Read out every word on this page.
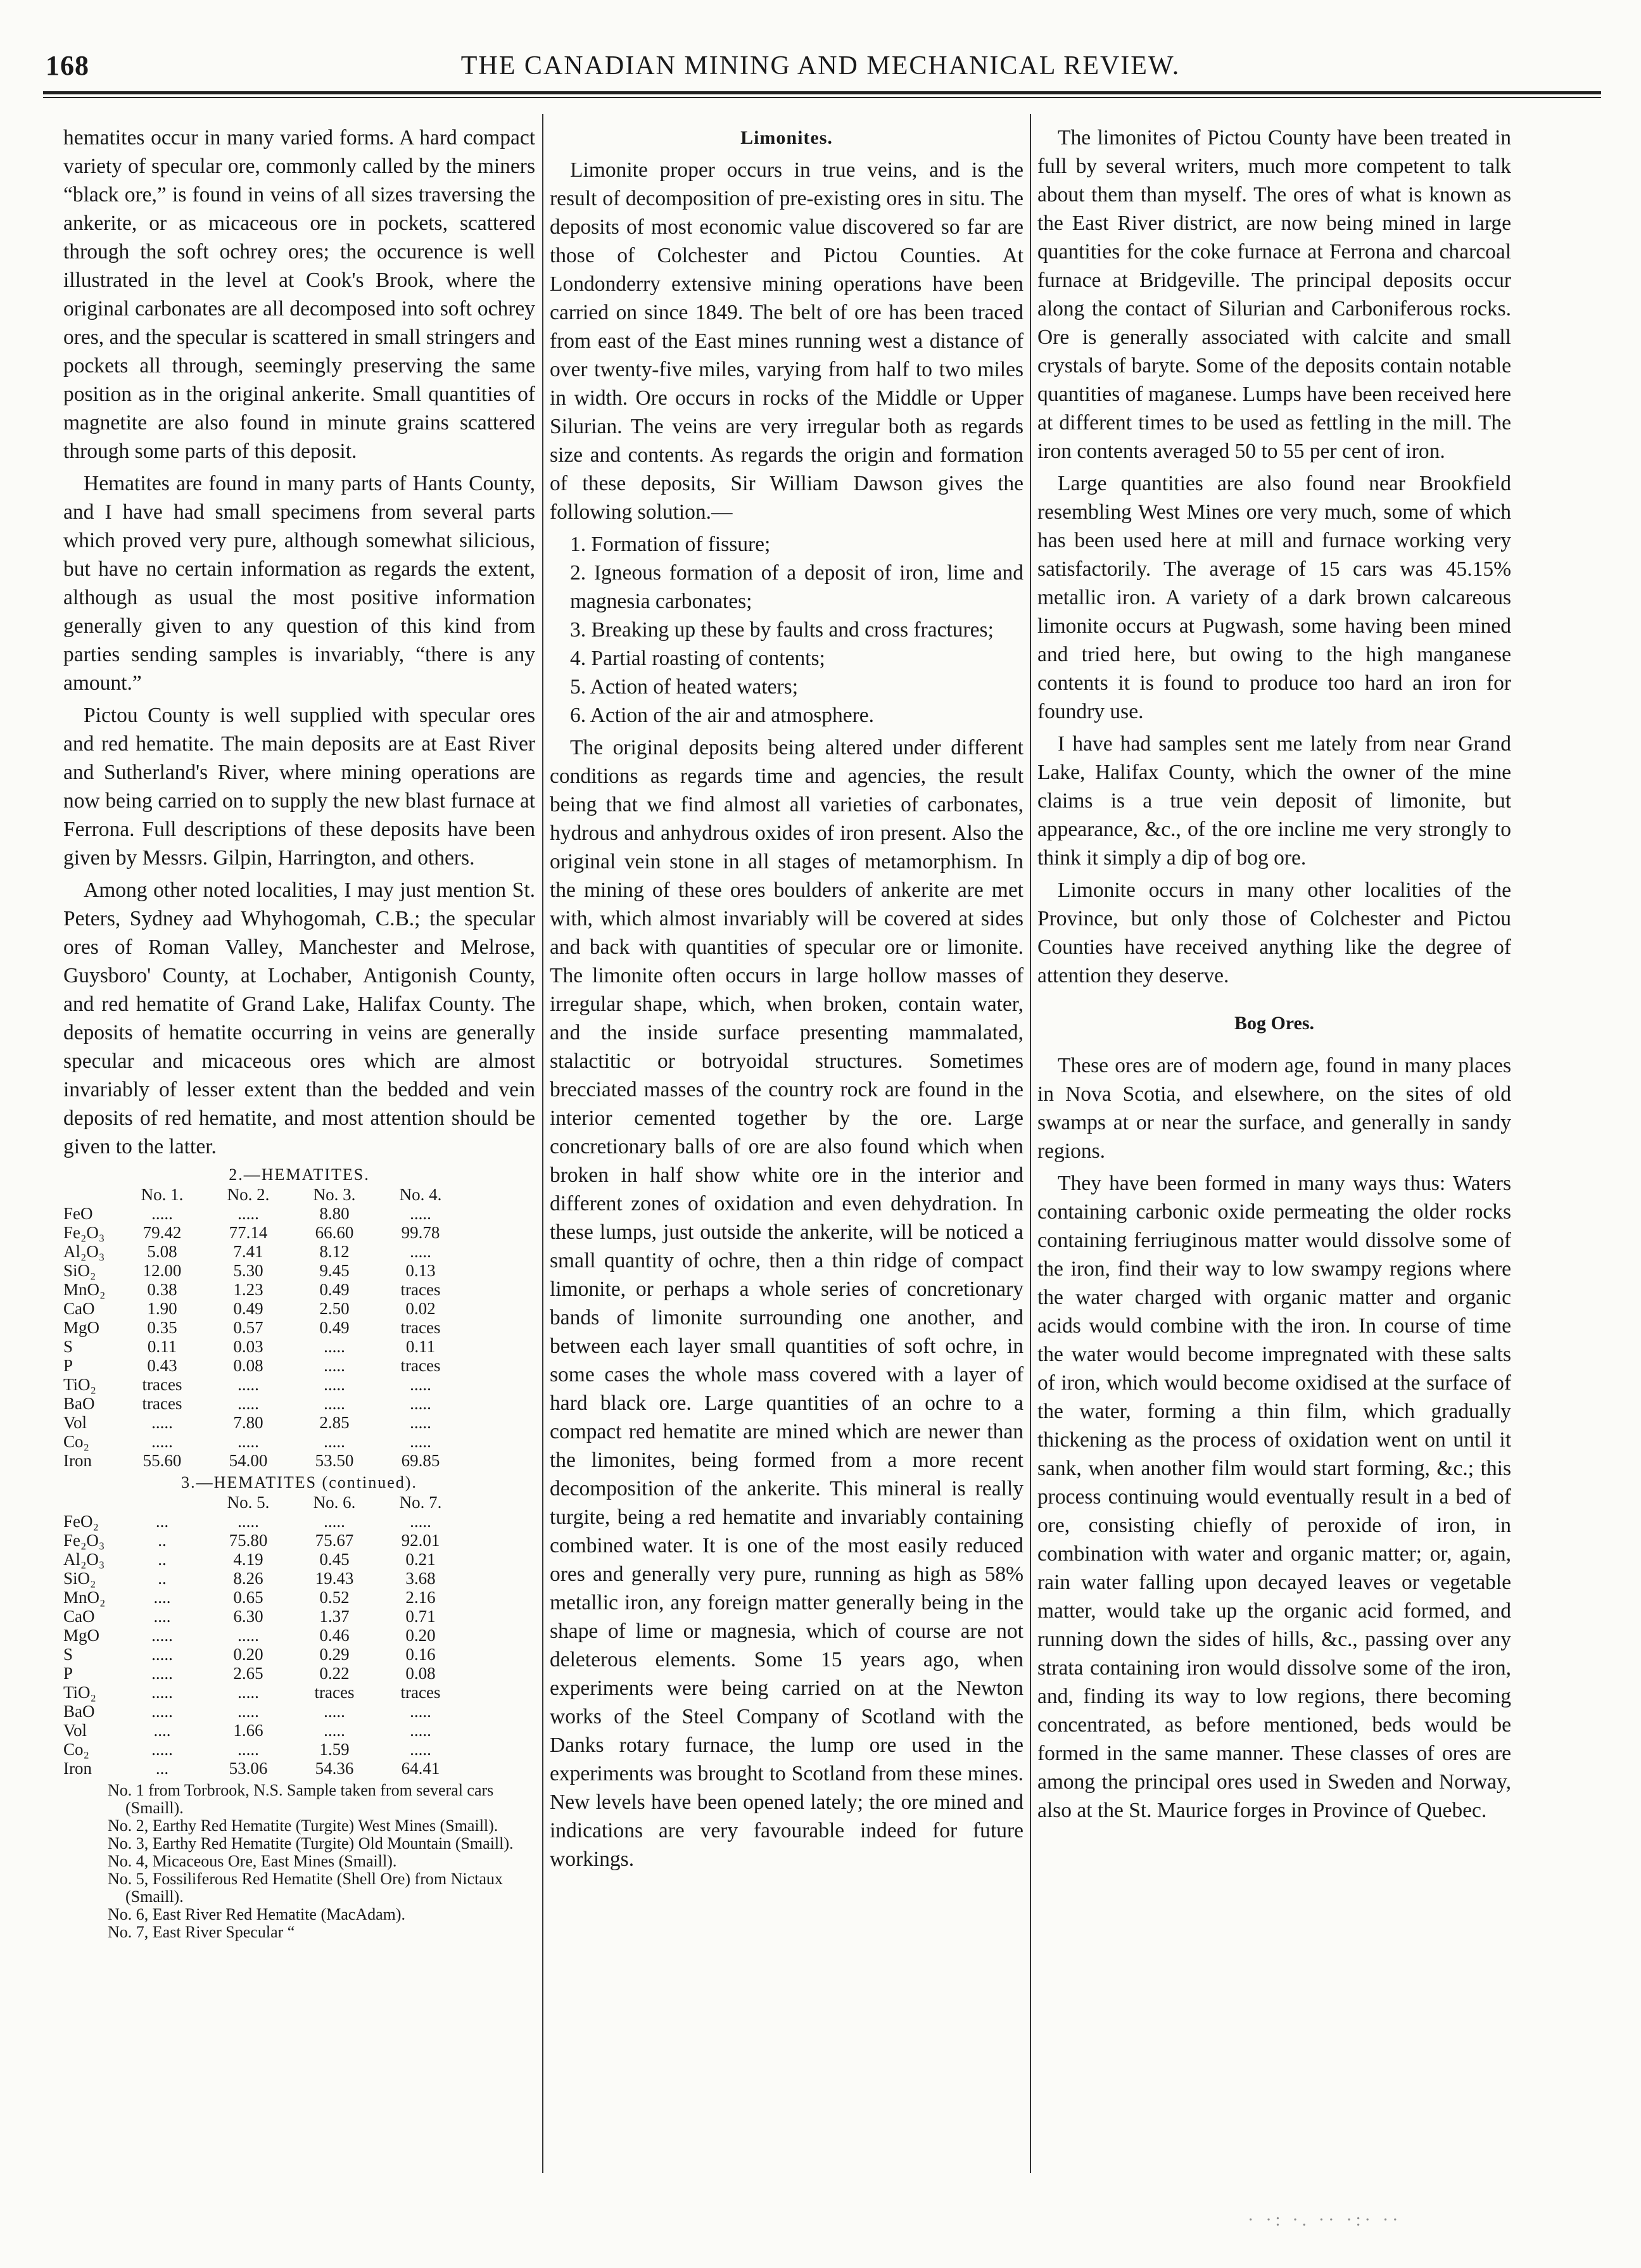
168	THE CANADIAN MINING AND MECHANICAL REVIEW.

hematites occur in many varied forms. A hard compact variety of specular ore, commonly called by the miners “black ore,” is found in veins of all sizes traversing the ankerite, or as micaceous ore in pockets, scattered through the soft ochrey ores; the occurence is well illustrated in the level at Cook's Brook, where the original carbonates are all decomposed into soft ochrey ores, and the specular is scattered in small stringers and pockets all through, seemingly preserving the same position as in the original ankerite. Small quantities of magnetite are also found in minute grains scattered through some parts of this deposit.

Hematites are found in many parts of Hants County, and I have had small specimens from several parts which proved very pure, although somewhat silicious, but have no certain information as regards the extent, although as usual the most positive information generally given to any question of this kind from parties sending samples is invariably, “there is any amount.”

Pictou County is well supplied with specular ores and red hematite. The main deposits are at East River and Sutherland's River, where mining operations are now being carried on to supply the new blast furnace at Ferrona. Full descriptions of these deposits have been given by Messrs. Gilpin, Harrington, and others.

Among other noted localities, I may just mention St. Peters, Sydney aad Whyhogomah, C.B.; the specular ores of Roman Valley, Manchester and Melrose, Guysboro' County, at Lochaber, Antigonish County, and red hematite of Grand Lake, Halifax County. The deposits of hematite occurring in veins are generally specular and micaceous ores which are almost invariably of lesser extent than the bedded and vein deposits of red hematite, and most attention should be given to the latter.

2.—HEMATITES.
	No. 1.	No. 2.	No. 3.	No. 4.
FeO	.....	.....	8.80	.....
Fe₂O₃	79.42	77.14	66.60	99.78
Al₂O₃	5.08	7.41	8.12	.....
SiO₂	12.00	5.30	9.45	0.13
MnO₂	0.38	1.23	0.49	traces
CaO	1.90	0.49	2.50	0.02
MgO	0.35	0.57	0.49	traces
S	0.11	0.03	.....	0.11
P	0.43	0.08	.....	traces
TiO₂	traces	.....	.....	.....
BaO	traces	.....	.....	.....
Vol	.....	7.80	2.85	.....
Co₂	.....	.....	.....	.....
Iron	55.60	54.00	53.50	69.85
3.—HEMATITES (continued).
		No. 5.	No. 6.	No. 7.
FeO₂	...	.....	.....	.....
Fe₂O₃	..	75.80	75.67	92.01
Al₂O₃	..	4.19	0.45	0.21
SiO₂	..	8.26	19.43	3.68
MnO₂	....	0.65	0.52	2.16
CaO	....	6.30	1.37	0.71
MgO	.....	.....	0.46	0.20
S	.....	0.20	0.29	0.16
P	.....	2.65	0.22	0.08
TiO₂	.....	.....	traces	traces
BaO	.....	.....	.....	.....
Vol	....	1.66	.....	.....
Co₂	.....	.....	1.59	.....
Iron	...	53.06	54.36	64.41
No. 1 from Torbrook, N.S. Sample taken from several cars (Smaill).
No. 2, Earthy Red Hematite (Turgite) West Mines (Smaill).
No. 3, Earthy Red Hematite (Turgite) Old Mountain (Smaill).
No. 4, Micaceous Ore, East Mines (Smaill).
No. 5, Fossiliferous Red Hematite (Shell Ore) from Nictaux (Smaill).
No. 6, East River Red Hematite (MacAdam).
No. 7, East River Specular “
Limonites.

Limonite proper occurs in true veins, and is the result of decomposition of pre-existing ores in situ. The deposits of most economic value discovered so far are those of Colchester and Pictou Counties. At Londonderry extensive mining operations have been carried on since 1849. The belt of ore has been traced from east of the East mines running west a distance of over twenty-five miles, varying from half to two miles in width. Ore occurs in rocks of the Middle or Upper Silurian. The veins are very irregular both as regards size and contents. As regards the origin and formation of these deposits, Sir William Dawson gives the following solution.—

1. Formation of fissure;
2. Igneous formation of a deposit of iron, lime and magnesia carbonates;
3. Breaking up these by faults and cross fractures;
4. Partial roasting of contents;
5. Action of heated waters;
6. Action of the air and atmosphere.

The original deposits being altered under different conditions as regards time and agencies, the result being that we find almost all varieties of carbonates, hydrous and anhydrous oxides of iron present. Also the original vein stone in all stages of metamorphism. In the mining of these ores boulders of ankerite are met with, which almost invariably will be covered at sides and back with quantities of specular ore or limonite. The limonite often occurs in large hollow masses of irregular shape, which, when broken, contain water, and the inside surface presenting mammalated, stalactitic or botryoidal structures. Sometimes brecciated masses of the country rock are found in the interior cemented together by the ore. Large concretionary balls of ore are also found which when broken in half show white ore in the interior and different zones of oxidation and even dehydration. In these lumps, just outside the ankerite, will be noticed a small quantity of ochre, then a thin ridge of compact limonite, or perhaps a whole series of concretionary bands of limonite surrounding one another, and between each layer small quantities of soft ochre, in some cases the whole mass covered with a layer of hard black ore. Large quantities of an ochre to a compact red hematite are mined which are newer than the limonites, being formed from a more recent decomposition of the ankerite. This mineral is really turgite, being a red hematite and invariably containing combined water. It is one of the most easily reduced ores and generally very pure, running as high as 58% metallic iron, any foreign matter generally being in the shape of lime or magnesia, which of course are not deleterous elements. Some 15 years ago, when experiments were being carried on at the Newton works of the Steel Company of Scotland with the Danks rotary furnace, the lump ore used in the experiments was brought to Scotland from these mines. New levels have been opened lately; the ore mined and indications are very favourable indeed for future workings.

The limonites of Pictou County have been treated in full by several writers, much more competent to talk about them than myself. The ores of what is known as the East River district, are now being mined in large quantities for the coke furnace at Ferrona and charcoal furnace at Bridgeville. The principal deposits occur along the contact of Silurian and Carboniferous rocks. Ore is generally associated with calcite and small crystals of baryte. Some of the deposits contain notable quantities of maganese. Lumps have been received here at different times to be used as fettling in the mill. The iron contents averaged 50 to 55 per cent of iron.

Large quantities are also found near Brookfield resembling West Mines ore very much, some of which has been used here at mill and furnace working very satisfactorily. The average of 15 cars was 45.15% metallic iron. A variety of a dark brown calcareous limonite occurs at Pugwash, some having been mined and tried here, but owing to the high manganese contents it is found to produce too hard an iron for foundry use.

I have had samples sent me lately from near Grand Lake, Halifax County, which the owner of the mine claims is a true vein deposit of limonite, but appearance, &c., of the ore incline me very strongly to think it simply a dip of bog ore.

Limonite occurs in many other localities of the Province, but only those of Colchester and Pictou Counties have received anything like the degree of attention they deserve.

Bog Ores.

These ores are of modern age, found in many places in Nova Scotia, and elsewhere, on the sites of old swamps at or near the surface, and generally in sandy regions.

They have been formed in many ways thus: Waters containing carbonic oxide permeating the older rocks containing ferriuginous matter would dissolve some of the iron, find their way to low swampy regions where the water charged with organic matter and organic acids would combine with the iron. In course of time the water would become impregnated with these salts of iron, which would become oxidised at the surface of the water, forming a thin film, which gradually thickening as the process of oxidation went on until it sank, when another film would start forming, &c.; this process continuing would eventually result in a bed of ore, consisting chiefly of peroxide of iron, in combination with water and organic matter; or, again, rain water falling upon decayed leaves or vegetable matter, would take up the organic acid formed, and running down the sides of hills, &c., passing over any strata containing iron would dissolve some of the iron, and, finding its way to low regions, there becoming concentrated, as before mentioned, beds would be formed in the same manner. These classes of ores are among the principal ores used in Sweden and Norway, also at the St. Maurice forges in Province of Quebec.

· ·: ·. ·· ·:· ··
